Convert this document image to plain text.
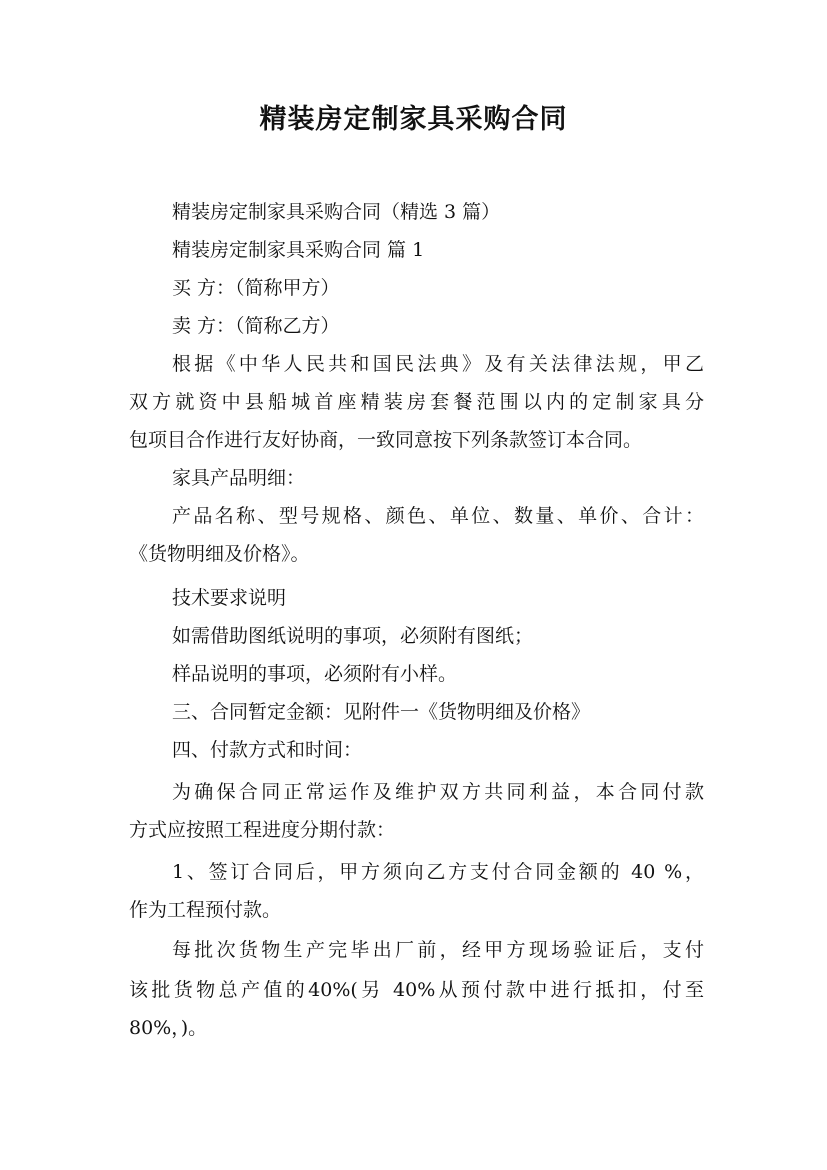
精装房定制家具采购合同

精装房定制家具采购合同（精选 3 篇）

精装房定制家具采购合同 篇 1

买 方：（简称甲方）

卖 方：（简称乙方）

根据《中华人民共和国民法典》及有关法律法规，甲乙

双方就资中县船城首座精装房套餐范围以内的定制家具分

包项目合作进行友好协商，一致同意按下列条款签订本合同。

家具产品明细：

产品名称、型号规格、颜色、单位、数量、单价、合计：

《货物明细及价格》。

技术要求说明

如需借助图纸说明的事项，必须附有图纸；

样品说明的事项，必须附有小样。

三、合同暂定金额：见附件一《货物明细及价格》

四、付款方式和时间：

为确保合同正常运作及维护双方共同利益，本合同付款

方式应按照工程进度分期付款：

1、签订合同后，甲方须向乙方支付合同金额的 40 %，

作为工程预付款。

每批次货物生产完毕出厂前，经甲方现场验证后，支付

该批货物总产值的40%(另 40%从预付款中进行抵扣，付至

80%，)。
